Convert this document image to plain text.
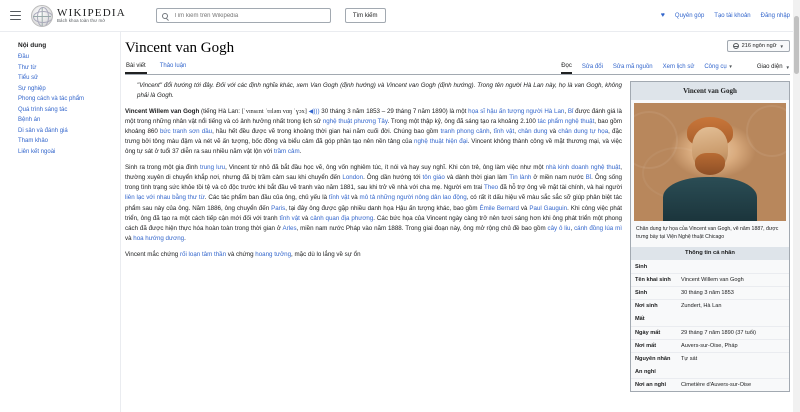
WIKIPEDIA
Bách khoa toàn thư mở
Tìm kiếm trên Wikipedia
Tìm kiếm	♥ Quyên góp Tạo tài khoản Đăng nhập
Nội dung
Đầu
Thư từ
Tiểu sử
Sự nghiệp
Phong cách và tác phẩm
Quá trình sáng tác
Bệnh án
Di sản và đánh giá
Tham khảo
Liên kết ngoài
Vincent van Gogh	216 ngôn ngữ ▼
Bài viết Thảo luận	Đọc Sửa đổi Sửa mã nguồn Xem lịch sử Công cụ ▼	Giao diện ▼

"Vincent" đổi hướng tới đây. Đối với các định nghĩa khác, xem Van Gogh (định hướng) và Vincent van Gogh (định hướng). Trong tên người Hà Lan này, họ là van Gogh, không phải là Gogh.

Vincent Willem van Gogh (tiếng Hà Lan: [ˈvɪnsɛnt ˈʋɪləm vɑŋ ˈɣɔx] ◀))) 30 tháng 3 năm 1853 – 29 tháng 7 năm 1890) là một họa sĩ hậu ấn tượng người Hà Lan, Bỉ được đánh giá là một trong những nhân vật nổi tiếng và có ảnh hưởng nhất trong lịch sử nghệ thuật phương Tây. Trong một thập kỷ, ông đã sáng tạo ra khoảng 2.100 tác phẩm nghệ thuật, bao gồm khoảng 860 bức tranh sơn dầu, hầu hết đều được vẽ trong khoảng thời gian hai năm cuối đời. Chúng bao gồm tranh phong cảnh, tĩnh vật, chân dung và chân dung tự họa, đặc trưng bởi tông màu đậm và nét vẽ ấn tượng, bốc đồng và biểu cảm đã góp phần tạo nên nền tảng của nghệ thuật hiện đại. Vincent không thành công về mặt thương mại, và việc ông tự sát ở tuổi 37 diễn ra sau nhiều năm vật lộn với trầm cảm.

Sinh ra trong một gia đình trung lưu, Vincent từ nhỏ đã bắt đầu học vẽ, ông vốn nghiêm túc, ít nói và hay suy nghĩ. Khi còn trẻ, ông làm việc như một nhà kinh doanh nghệ thuật, thường xuyên di chuyển khắp nơi, nhưng đã bị trầm cảm sau khi chuyển đến London. Ông dần hướng tới tôn giáo và dành thời gian làm Tin lành ở miền nam nước Bỉ. Ông sống trong tình trạng sức khỏe tồi tệ và cô độc trước khi bắt đầu vẽ tranh vào năm 1881, sau khi trở về nhà với cha mẹ. Người em trai Theo đã hỗ trợ ông về mặt tài chính, và hai người liên lạc với nhau bằng thư từ. Các tác phẩm ban đầu của ông, chủ yếu là tĩnh vật và mô tả những người nông dân lao động, có rất ít dấu hiệu vẽ màu sắc sắc sỡ giúp phân biệt tác phẩm sau này của ông. Năm 1886, ông chuyển đến Paris, tại đây ông được gặp nhiều danh họa Hậu ấn tượng khác, bao gồm Émile Bernard và Paul Gauguin. Khi công việc phát triển, ông đã tạo ra một cách tiếp cận mới đối với tranh tĩnh vật và cảnh quan địa phương. Các bức họa của Vincent ngày càng trở nên tươi sáng hơn khi ông phát triển một phong cách đã được hiện thực hóa hoàn toàn trong thời gian ở Arles, miền nam nước Pháp vào năm 1888. Trong giai đoạn này, ông mở rộng chủ đề bao gồm cây ô liu, cánh đồng lúa mì và hoa hướng dương.

Vincent mắc chứng rối loạn tâm thần và chứng hoang tưởng, mặc dù lo lắng về sự ổn

Vincent van Gogh
Chân dung tự họa của Vincent van Gogh, vẽ năm 1887, được trưng bày tại Viện Nghệ thuật Chicago
Thông tin cá nhân
Sinh
Tên khai sinh	Vincent Willem van Gogh
Sinh	30 tháng 3 năm 1853
Nơi sinh	Zundert, Hà Lan
Mất
Ngày mất	29 tháng 7 năm 1890 (37 tuổi)
Nơi mất	Auvers-sur-Oise, Pháp
Nguyên nhân	Tự sát
An nghỉ
Nơi an nghỉ	Cimetière d'Auvers-sur-Oise
